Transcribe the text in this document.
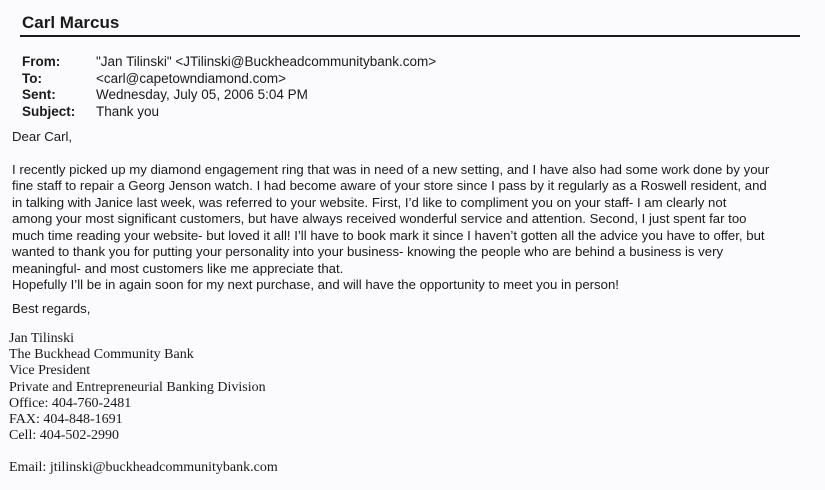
Carl Marcus
From:	"Jan Tilinski" <JTilinski@Buckheadcommunitybank.com>
To:	<carl@capetowndiamond.com>
Sent:	Wednesday, July 05, 2006 5:04 PM
Subject: Thank you
Dear Carl,
I recently picked up my diamond engagement ring that was in need of a new setting, and I have also had some work done by your
fine staff to repair a Georg Jenson watch. I had become aware of your store since I pass by it regularly as a Roswell resident, and
in talking with Janice last week, was referred to your website. First, I’d like to compliment you on your staff- I am clearly not
among your most significant customers, but have always received wonderful service and attention. Second, I just spent far too
much time reading your website- but loved it all! I’ll have to book mark it since I haven’t gotten all the advice you have to offer, but
wanted to thank you for putting your personality into your business- knowing the people who are behind a business is very
meaningful- and most customers like me appreciate that.
Hopefully I’ll be in again soon for my next purchase, and will have the opportunity to meet you in person!
Best regards,
Jan Tilinski
The Buckhead Community Bank
Vice President
Private and Entrepreneurial Banking Division
Office: 404-760-2481
FAX: 404-848-1691
Cell: 404-502-2990
Email: jtilinski@buckheadcommunitybank.com
